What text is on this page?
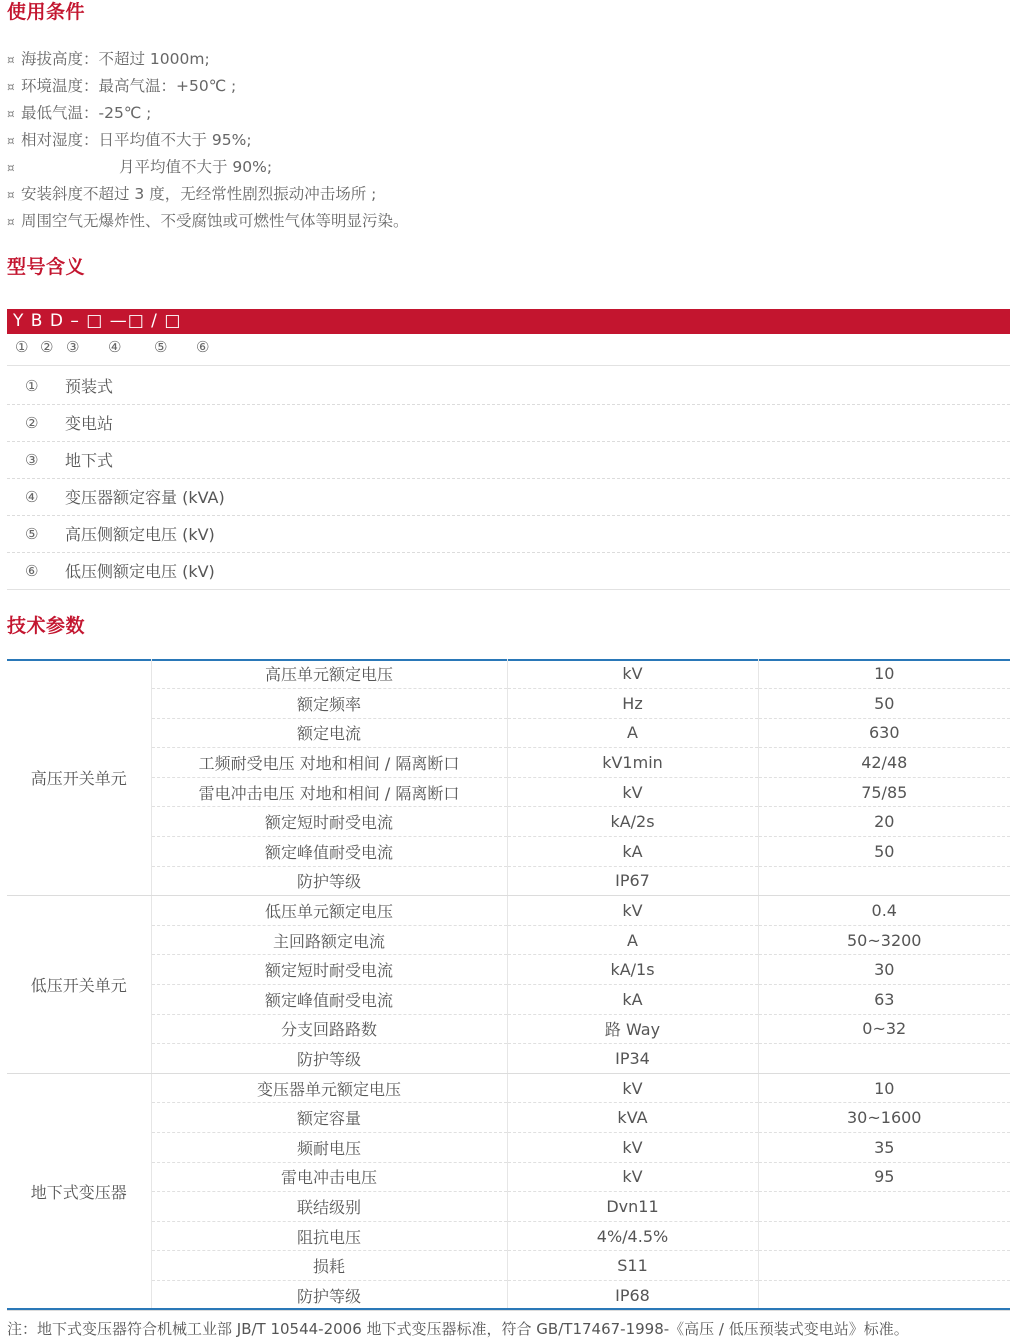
使用条件
¤ 海拔高度：不超过 1000m;
¤ 环境温度：最高气温：+50℃ ;
¤ 最低气温：-25℃ ;
¤ 相对湿度：日平均值不大于 95%;
¤	月平均值不大于 90%;
¤ 安装斜度不超过 3 度，无经常性剧烈振动冲击场所 ;
¤ 周围空气无爆炸性、不受腐蚀或可燃性气体等明显污染。
型号含义
Y B D – □ —□ / □
① ② ③ ④ ⑤ ⑥
① 预装式
② 变电站
③ 地下式
④ 变压器额定容量 (kVA)
⑤ 高压侧额定电压 (kV)
⑥ 低压侧额定电压 (kV)
技术参数
高压开关单元	高压单元额定电压	kV	10
	额定频率	Hz	50
	额定电流	A	630
	工频耐受电压 对地和相间 / 隔离断口	kV1min	42/48
	雷电冲击电压 对地和相间 / 隔离断口	kV	75/85
	额定短时耐受电流	kA/2s	20
	额定峰值耐受电流	kA	50
	防护等级	IP67	
低压开关单元	低压单元额定电压	kV	0.4
	主回路额定电流	A	50~3200
	额定短时耐受电流	kA/1s	30
	额定峰值耐受电流	kA	63
	分支回路路数	路 Way	0~32
	防护等级	IP34	
地下式变压器	变压器单元额定电压	kV	10
	额定容量	kVA	30~1600
	频耐电压	kV	35
	雷电冲击电压	kV	95
	联结级别	Dvn11	
	阻抗电压	4%/4.5%	
	损耗	S11	
	防护等级	IP68	
注：地下式变压器符合机械工业部 JB/T 10544-2006 地下式变压器标准，符合 GB/T17467-1998-《高压 / 低压预装式变电站》标准。
